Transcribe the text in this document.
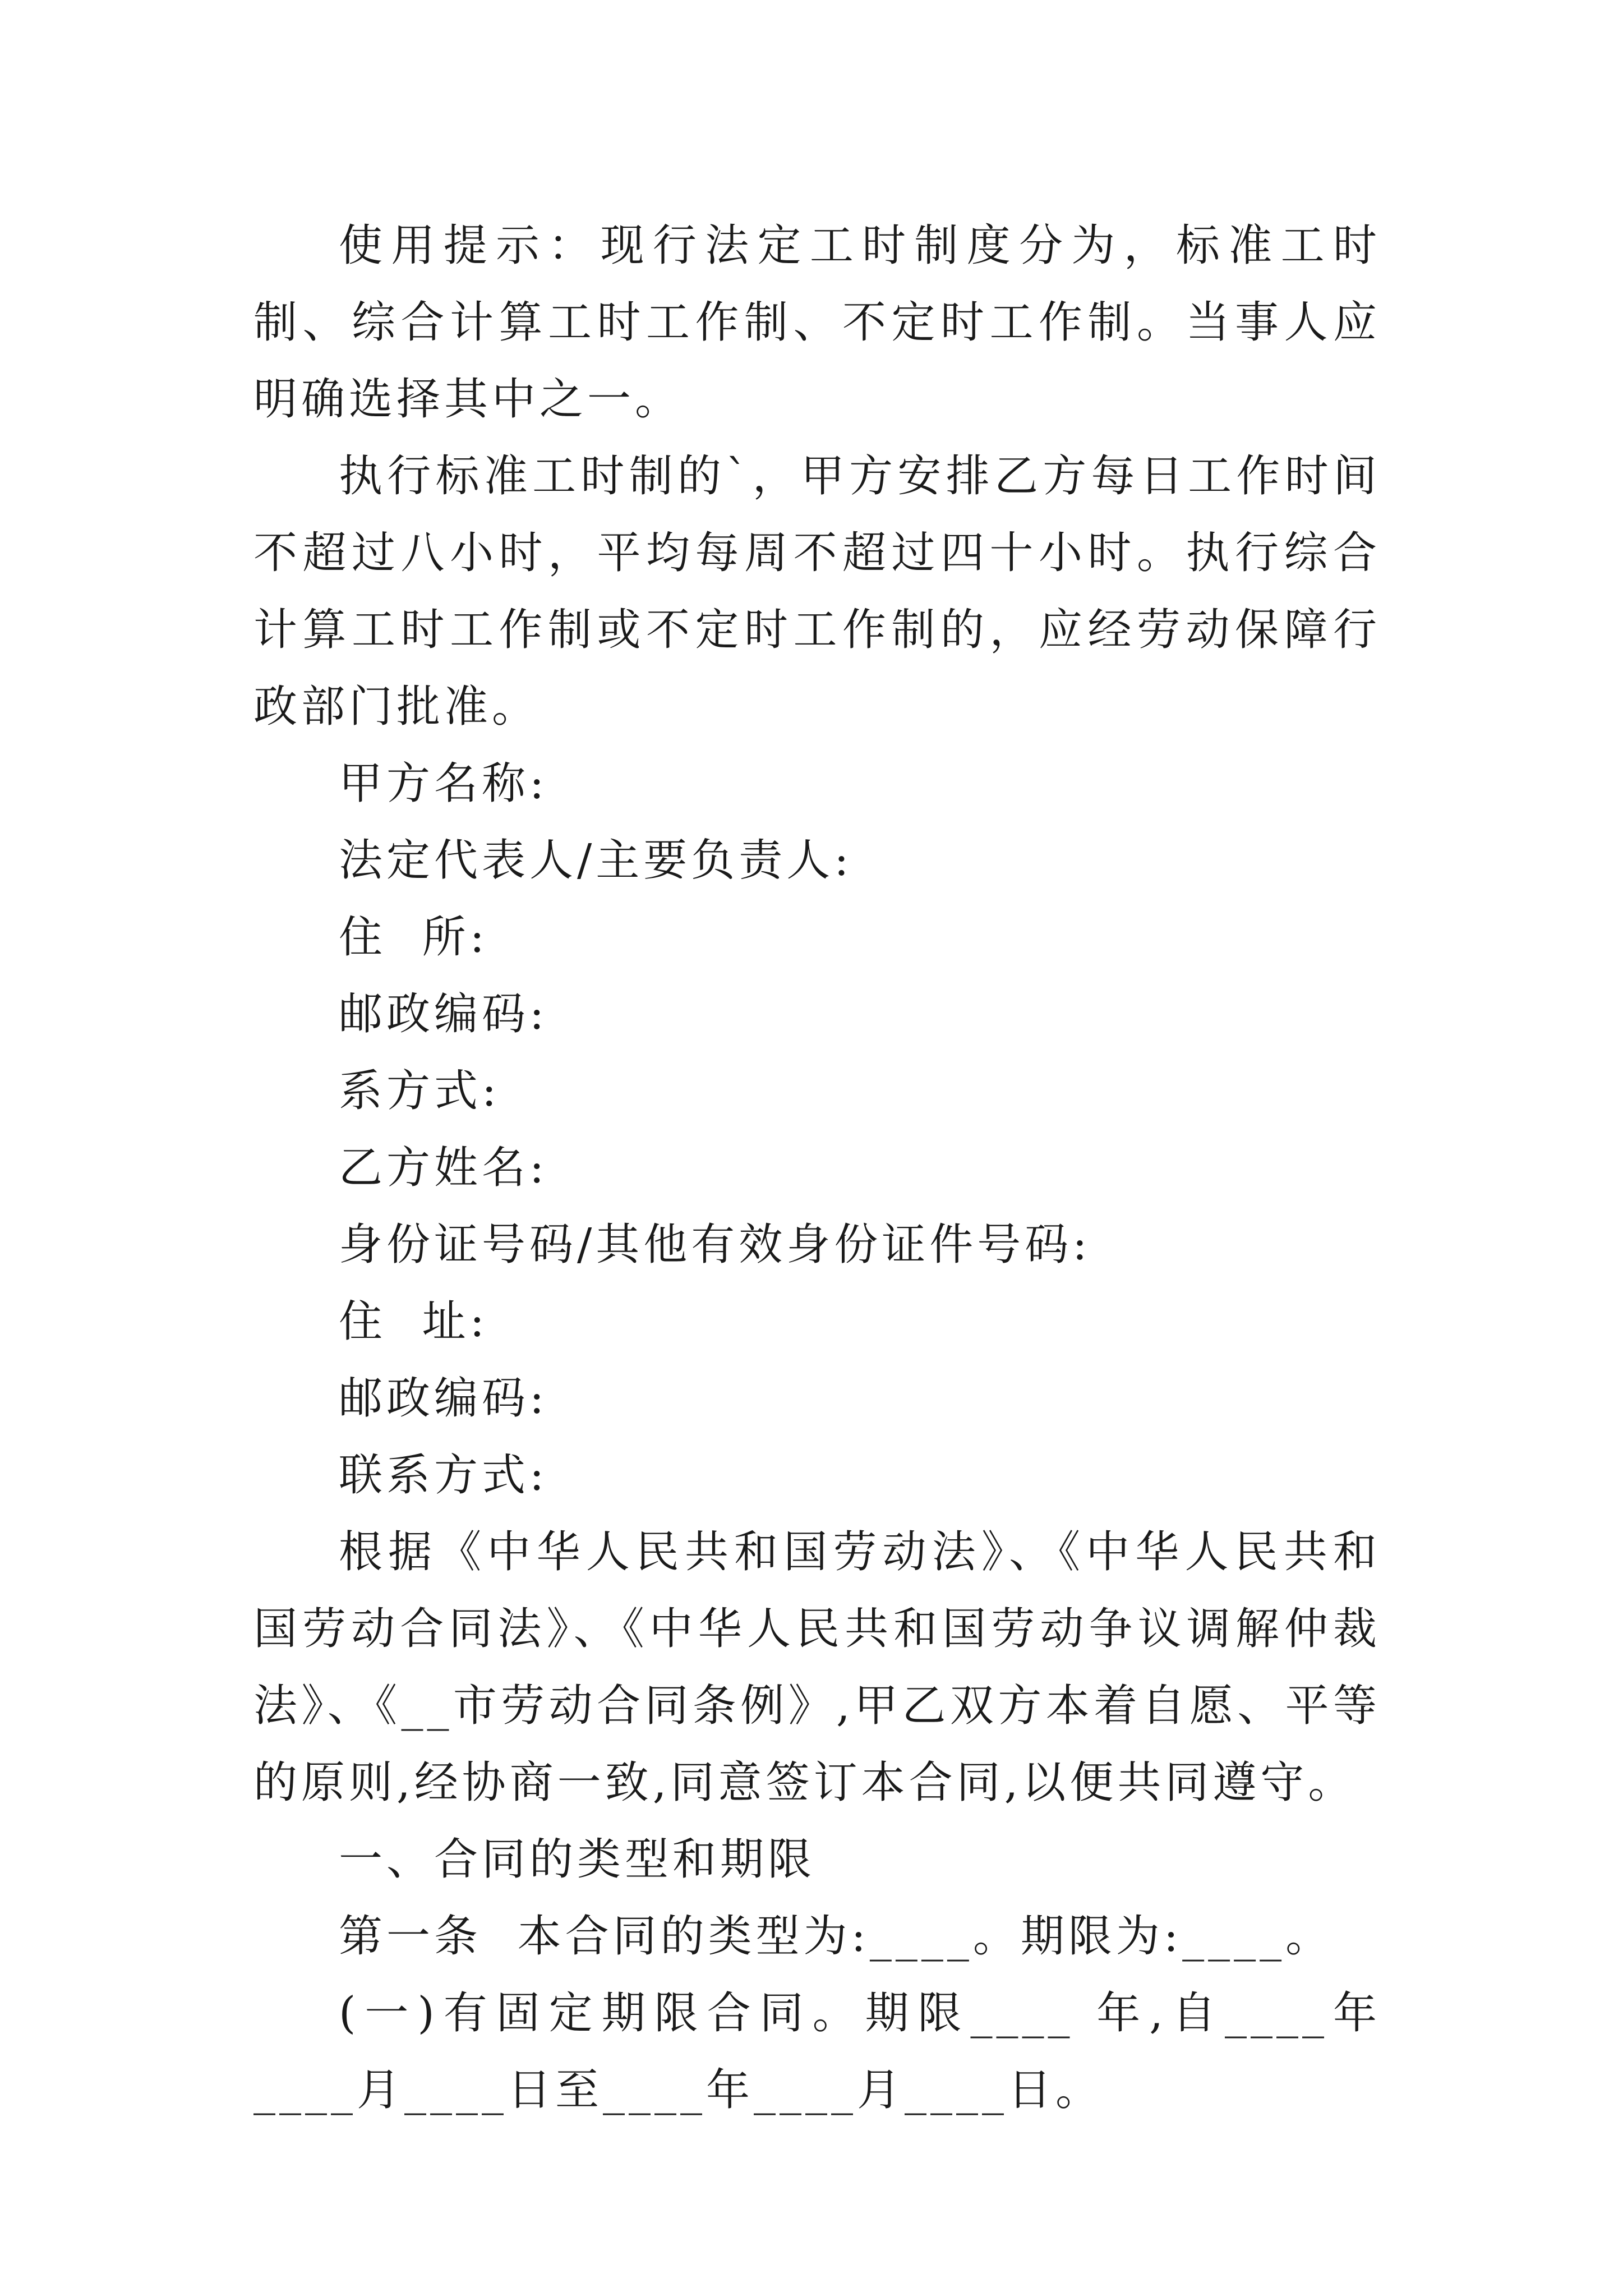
使用提示：现行法定工时制度分为，标准工时制、综合计算工时工作制、不定时工作制。当事人应明确选择其中之一。

执行标准工时制的`，甲方安排乙方每日工作时间不超过八小时，平均每周不超过四十小时。执行综合计算工时工作制或不定时工作制的，应经劳动保障行政部门批准。

甲方名称:

法定代表人/主要负责人:

住  所:

邮政编码:

系方式:

乙方姓名:

身份证号码/其他有效身份证件号码:

住  址:

邮政编码:

联系方式:

根据《中华人民共和国劳动法》、《中华人民共和国劳动合同法》、《中华人民共和国劳动争议调解仲裁法》、《__市劳动合同条例》,甲乙双方本着自愿、平等的原则,经协商一致,同意签订本合同,以便共同遵守。

一、合同的类型和期限

第一条  本合同的类型为:____。期限为:____。

(一)有固定期限合同。期限____ 年,自____年____月____日至____年____月____日。
